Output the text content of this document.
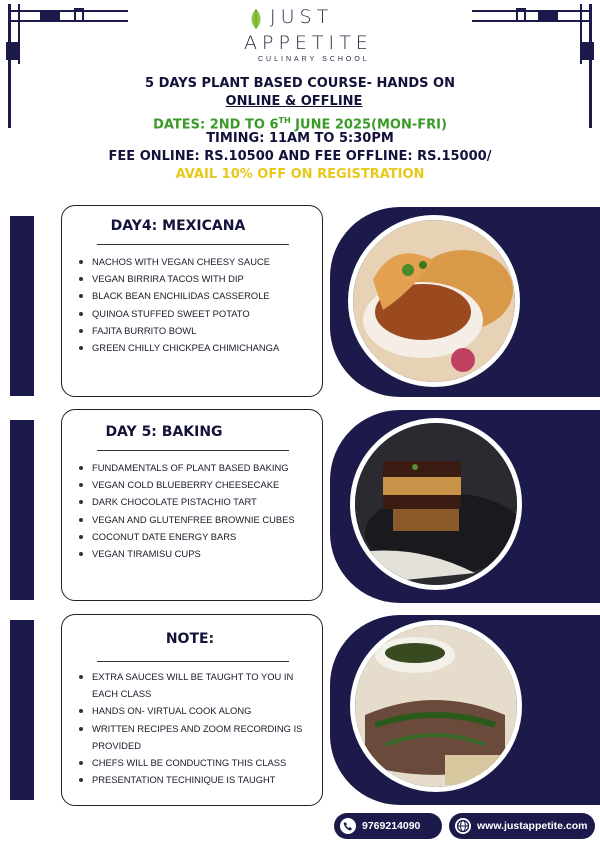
JUST
APPETITE
CULINARY SCHOOL
5 DAYS PLANT BASED COURSE- HANDS ON
ONLINE & OFFLINE
DATES: 2ND TO 6TH JUNE 2025(MON-FRI)
TIMING: 11AM TO 5:30PM
FEE ONLINE: RS.10500 AND FEE OFFLINE: RS.15000/
AVAIL 10% OFF ON REGISTRATION
DAY4: MEXICANA
NACHOS WITH VEGAN CHEESY SAUCE
VEGAN BIRRIRA TACOS WITH DIP
BLACK BEAN ENCHILIDAS CASSEROLE
QUINOA STUFFED SWEET POTATO
FAJITA BURRITO BOWL
GREEN CHILLY CHICKPEA CHIMICHANGA
DAY 5: BAKING
FUNDAMENTALS OF PLANT BASED BAKING
VEGAN COLD BLUEBERRY CHEESECAKE
DARK CHOCOLATE PISTACHIO TART
VEGAN AND GLUTENFREE BROWNIE CUBES
COCONUT DATE ENERGY BARS
VEGAN TIRAMISU CUPS
NOTE:
EXTRA SAUCES WILL BE TAUGHT TO YOU IN EACH CLASS
HANDS ON- VIRTUAL COOK ALONG
WRITTEN RECIPES AND ZOOM RECORDING IS PROVIDED
CHEFS WILL BE CONDUCTING THIS CLASS
PRESENTATION TECHINIQUE IS TAUGHT
9769214090	www.justappetite.com
